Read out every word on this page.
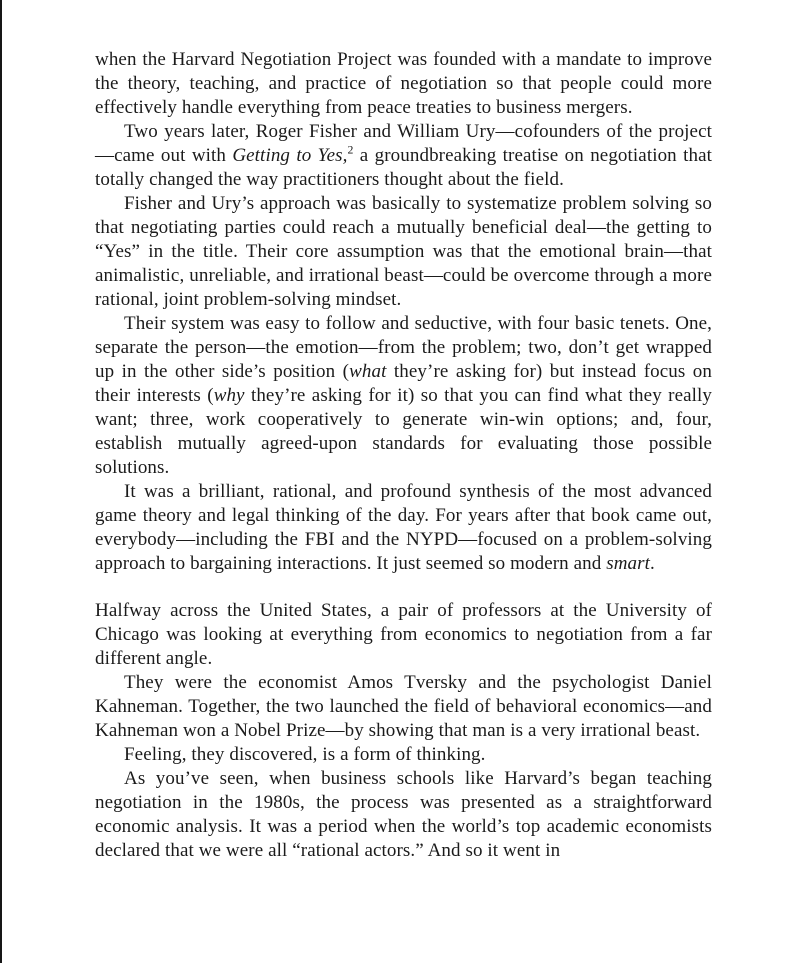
when the Harvard Negotiation Project was founded with a mandate to improve the theory, teaching, and practice of negotiation so that people could more effectively handle everything from peace treaties to business mergers.

Two years later, Roger Fisher and William Ury—cofounders of the project—came out with Getting to Yes,$^2$ a groundbreaking treatise on negotiation that totally changed the way practitioners thought about the field.

Fisher and Ury’s approach was basically to systematize problem solving so that negotiating parties could reach a mutually beneficial deal—the getting to “Yes” in the title. Their core assumption was that the emotional brain—that animalistic, unreliable, and irrational beast—could be overcome through a more rational, joint problem-solving mindset.

Their system was easy to follow and seductive, with four basic tenets. One, separate the person—the emotion—from the problem; two, don’t get wrapped up in the other side’s position (what they’re asking for) but instead focus on their interests (why they’re asking for it) so that you can find what they really want; three, work cooperatively to generate win-win options; and, four, establish mutually agreed-upon standards for evaluating those possible solutions.

It was a brilliant, rational, and profound synthesis of the most advanced game theory and legal thinking of the day. For years after that book came out, everybody—including the FBI and the NYPD—focused on a problem-solving approach to bargaining interactions. It just seemed so modern and smart.

Halfway across the United States, a pair of professors at the University of Chicago was looking at everything from economics to negotiation from a far different angle.

They were the economist Amos Tversky and the psychologist Daniel Kahneman. Together, the two launched the field of behavioral economics—and Kahneman won a Nobel Prize—by showing that man is a very irrational beast.

Feeling, they discovered, is a form of thinking.

As you’ve seen, when business schools like Harvard’s began teaching negotiation in the 1980s, the process was presented as a straightforward economic analysis. It was a period when the world’s top academic economists declared that we were all “rational actors.” And so it went in
